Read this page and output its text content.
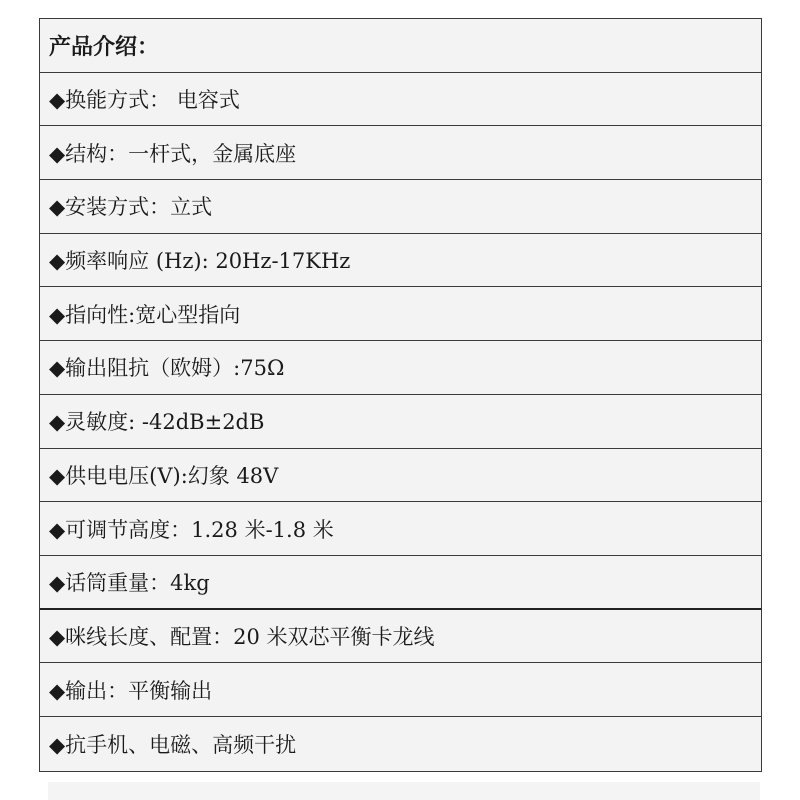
产品介绍：
◆换能方式： 电容式
◆结构：一杆式，金属底座
◆安装方式：立式
◆频率响应 (Hz): 20Hz-17KHz
◆指向性:宽心型指向
◆输出阻抗（欧姆）:75Ω
◆灵敏度: -42dB±2dB
◆供电电压(V):幻象 48V
◆可调节高度：1.28 米-1.8 米
◆话筒重量：4kg
◆咪线长度、配置：20 米双芯平衡卡龙线
◆输出：平衡输出
◆抗手机、电磁、高频干扰
